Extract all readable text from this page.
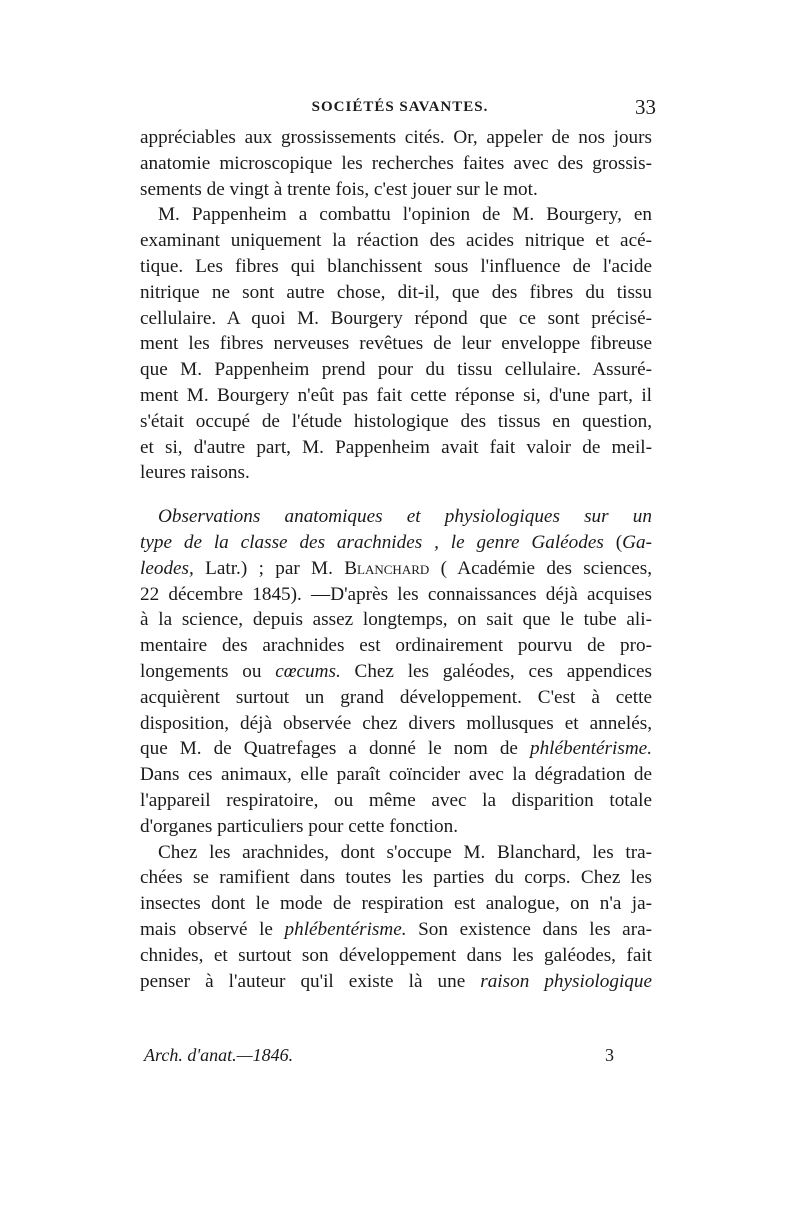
SOCIÉTÉS SAVANTES.	33

appréciables aux grossissements cités. Or, appeler de nos jours
anatomie microscopique les recherches faites avec des grossis-
sements de vingt à trente fois, c'est jouer sur le mot.

M. Pappenheim a combattu l'opinion de M. Bourgery, en
examinant uniquement la réaction des acides nitrique et acé-
tique. Les fibres qui blanchissent sous l'influence de l'acide
nitrique ne sont autre chose, dit-il, que des fibres du tissu
cellulaire. A quoi M. Bourgery répond que ce sont précisé-
ment les fibres nerveuses revêtues de leur enveloppe fibreuse
que M. Pappenheim prend pour du tissu cellulaire. Assuré-
ment M. Bourgery n'eût pas fait cette réponse si, d'une part, il
s'était occupé de l'étude histologique des tissus en question,
et si, d'autre part, M. Pappenheim avait fait valoir de meil-
leures raisons.

Observations anatomiques et physiologiques sur un
type de la classe des arachnides , le genre Galéodes (Ga-
leodes, Latr.) ; par M. Blanchard ( Académie des sciences,
22 décembre 1845). —D'après les connaissances déjà acquises
à la science, depuis assez longtemps, on sait que le tube ali-
mentaire des arachnides est ordinairement pourvu de pro-
longements ou cœcums. Chez les galéodes, ces appendices
acquièrent surtout un grand développement. C'est à cette
disposition, déjà observée chez divers mollusques et annelés,
que M. de Quatrefages a donné le nom de phlébentérisme.
Dans ces animaux, elle paraît coïncider avec la dégradation de
l'appareil respiratoire, ou même avec la disparition totale
d'organes particuliers pour cette fonction.

Chez les arachnides, dont s'occupe M. Blanchard, les tra-
chées se ramifient dans toutes les parties du corps. Chez les
insectes dont le mode de respiration est analogue, on n'a ja-
mais observé le phlébentérisme. Son existence dans les ara-
chnides, et surtout son développement dans les galéodes, fait
penser à l'auteur qu'il existe là une raison physiologique

Arch. d'anat.—1846.	3
